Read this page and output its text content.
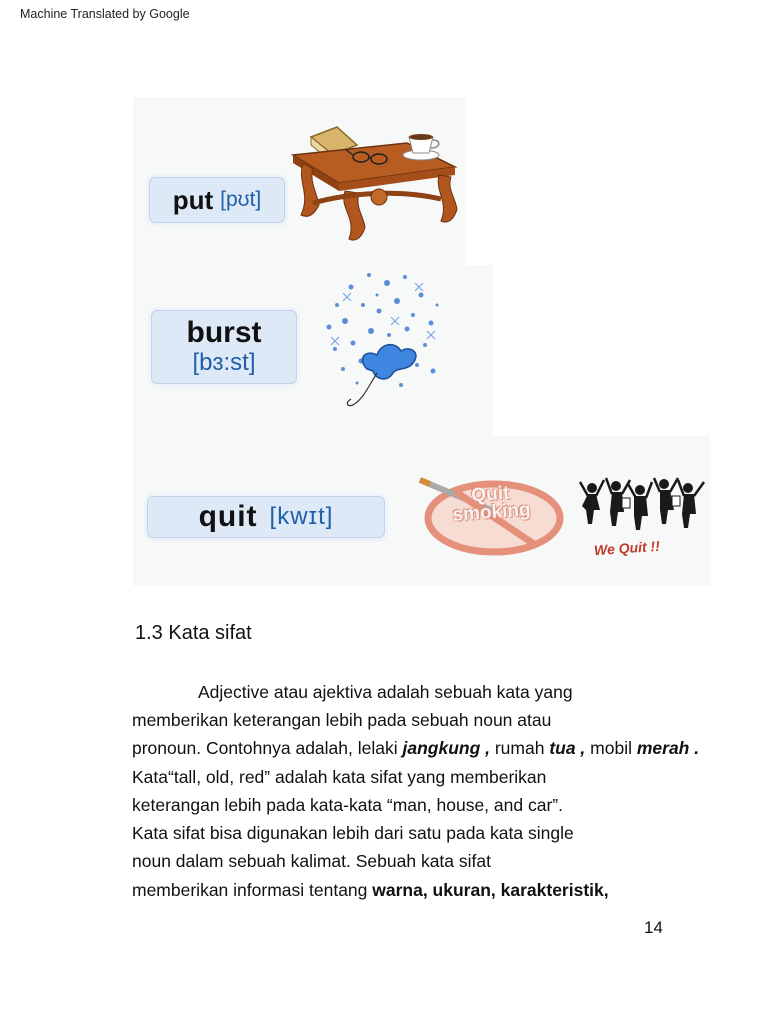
Machine Translated by Google
put [pʊt]
burst
[bɜ:st]
quit [kwɪt]
Quit
smoking
We Quit !!
1.3 Kata sifat
Adjective atau ajektiva adalah sebuah kata yang
memberikan keterangan lebih pada sebuah noun atau
pronoun. Contohnya adalah, lelaki jangkung , rumah tua , mobil merah .
Kata“tall, old, red” adalah kata sifat yang memberikan
keterangan lebih pada kata-kata “man, house, and car”.
Kata sifat bisa digunakan lebih dari satu pada kata single
noun dalam sebuah kalimat. Sebuah kata sifat
memberikan informasi tentang warna, ukuran, karakteristik,
14
